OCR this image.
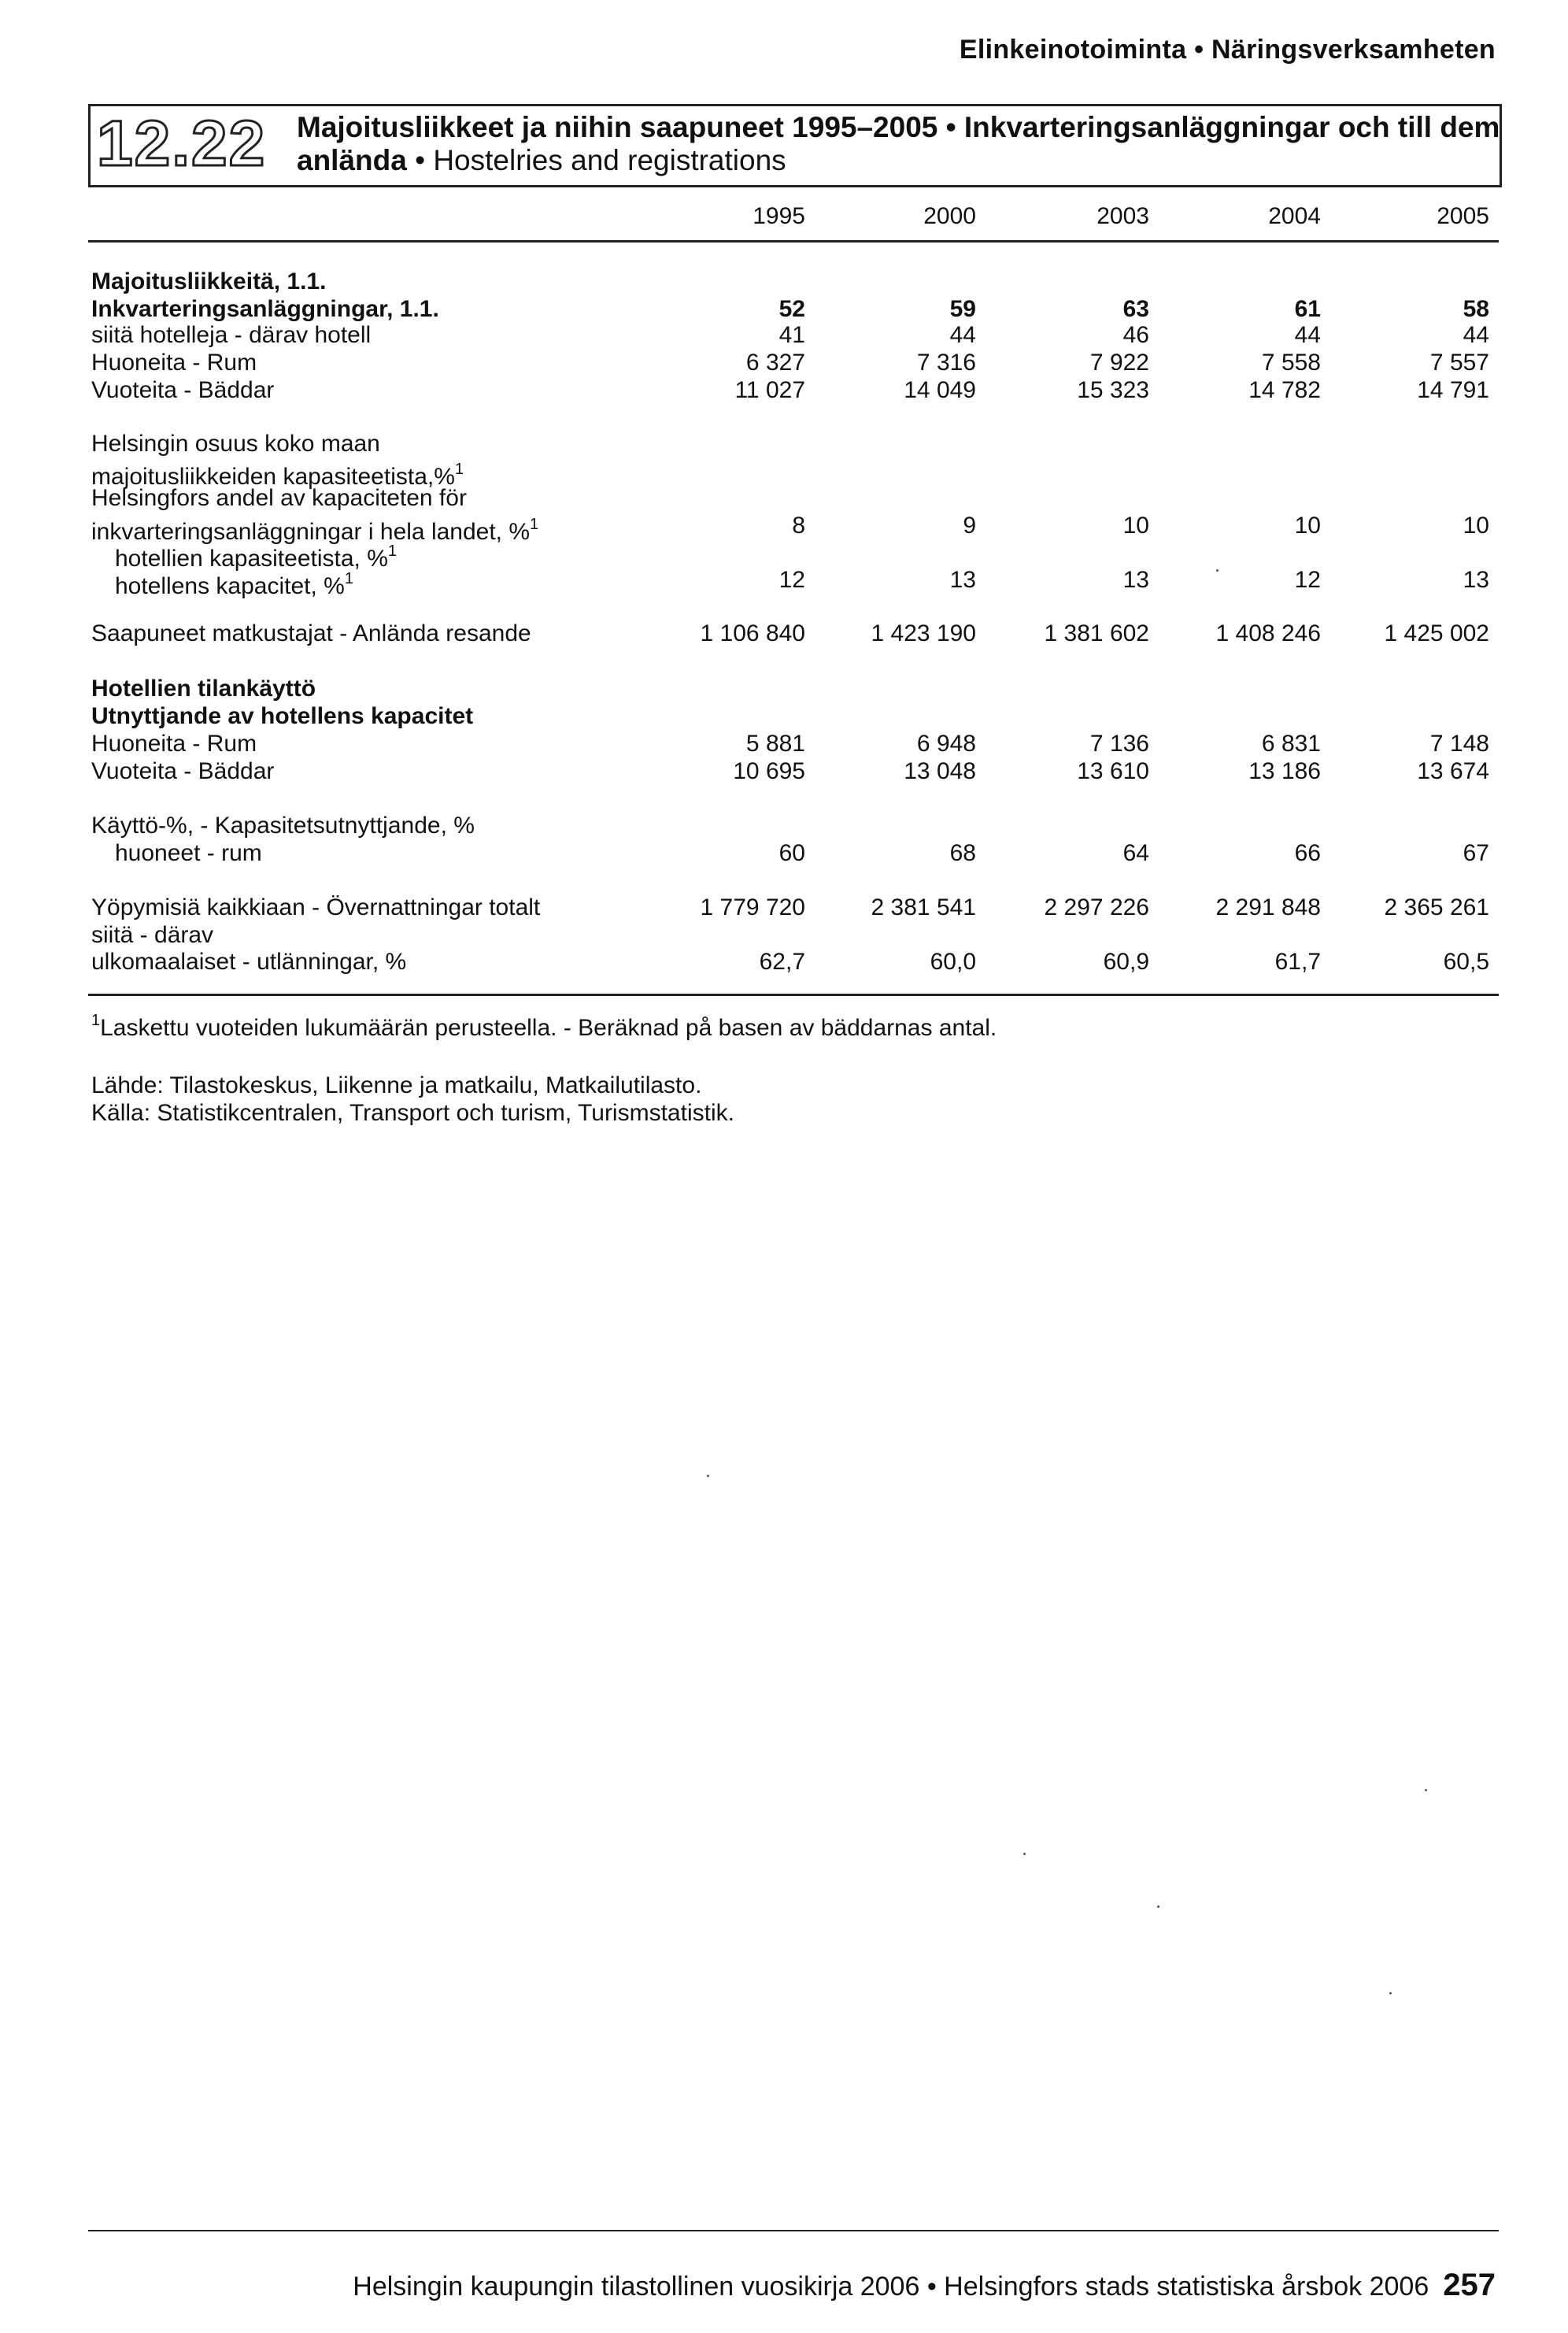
Elinkeinotoiminta • Näringsverksamheten
12.22 Majoitusliikkeet ja niihin saapuneet 1995–2005 • Inkvarteringsanläggningar och till dem
anlända • Hostelries and registrations
1995	2000	2003	2004	2005
Majoitusliikkeitä, 1.1.
Inkvarteringsanläggningar, 1.1.	52	59	63	61	58
siitä hotelleja - därav hotell	41	44	46	44	44
Huoneita - Rum	6 327	7 316	7 922	7 558	7 557
Vuoteita - Bäddar	11 027	14 049	15 323	14 782	14 791
Helsingin osuus koko maan
majoitusliikkeiden kapasiteetista,%$^1$
Helsingfors andel av kapaciteten för
inkvarteringsanläggningar i hela landet, %$^1$	8	9	10	10	10
hotellien kapasiteetista, %$^1$
hotellens kapacitet, %$^1$	12	13	13	12	13
Saapuneet matkustajat - Anlända resande	1 106 840	1 423 190	1 381 602	1 408 246	1 425 002
Hotellien tilankäyttö
Utnyttjande av hotellens kapacitet
Huoneita - Rum	5 881	6 948	7 136	6 831	7 148
Vuoteita - Bäddar	10 695	13 048	13 610	13 186	13 674
Käyttö-%, - Kapasitetsutnyttjande, %
huoneet - rum	60	68	64	66	67
Yöpymisiä kaikkiaan - Övernattningar totalt	1 779 720	2 381 541	2 297 226	2 291 848	2 365 261
siitä - därav
ulkomaalaiset - utlänningar, %	62,7	60,0	60,9	61,7	60,5
$^1$Laskettu vuoteiden lukumäärän perusteella. - Beräknad på basen av bäddarnas antal.
Lähde: Tilastokeskus, Liikenne ja matkailu, Matkailutilasto.
Källa: Statistikcentralen, Transport och turism, Turismstatistik.
Helsingin kaupungin tilastollinen vuosikirja 2006 • Helsingfors stads statistiska årsbok 2006 257
